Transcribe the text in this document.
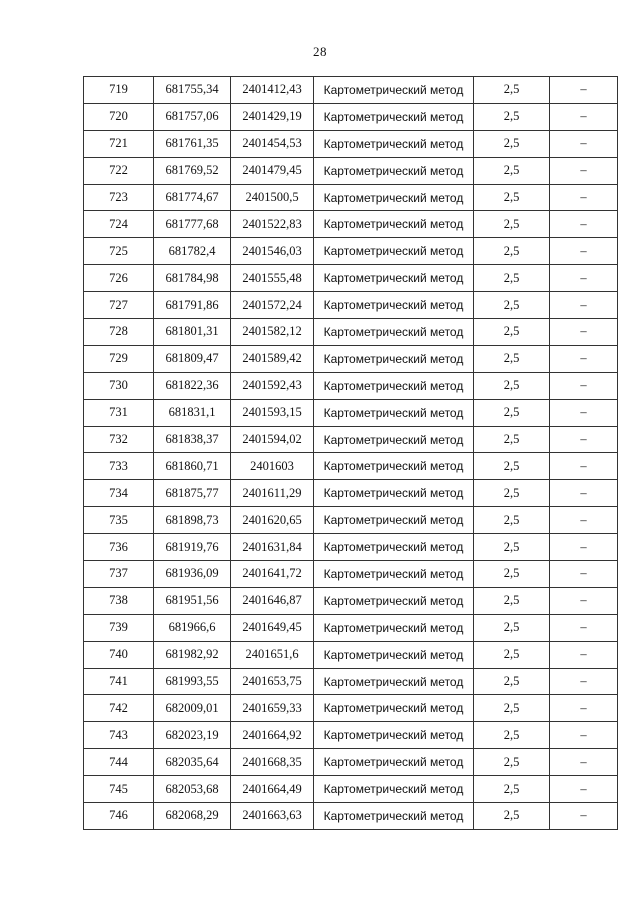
28
719	681755,34	2401412,43	Картометрический метод	2,5	–
720	681757,06	2401429,19	Картометрический метод	2,5	–
721	681761,35	2401454,53	Картометрический метод	2,5	–
722	681769,52	2401479,45	Картометрический метод	2,5	–
723	681774,67	2401500,5	Картометрический метод	2,5	–
724	681777,68	2401522,83	Картометрический метод	2,5	–
725	681782,4	2401546,03	Картометрический метод	2,5	–
726	681784,98	2401555,48	Картометрический метод	2,5	–
727	681791,86	2401572,24	Картометрический метод	2,5	–
728	681801,31	2401582,12	Картометрический метод	2,5	–
729	681809,47	2401589,42	Картометрический метод	2,5	–
730	681822,36	2401592,43	Картометрический метод	2,5	–
731	681831,1	2401593,15	Картометрический метод	2,5	–
732	681838,37	2401594,02	Картометрический метод	2,5	–
733	681860,71	2401603	Картометрический метод	2,5	–
734	681875,77	2401611,29	Картометрический метод	2,5	–
735	681898,73	2401620,65	Картометрический метод	2,5	–
736	681919,76	2401631,84	Картометрический метод	2,5	–
737	681936,09	2401641,72	Картометрический метод	2,5	–
738	681951,56	2401646,87	Картометрический метод	2,5	–
739	681966,6	2401649,45	Картометрический метод	2,5	–
740	681982,92	2401651,6	Картометрический метод	2,5	–
741	681993,55	2401653,75	Картометрический метод	2,5	–
742	682009,01	2401659,33	Картометрический метод	2,5	–
743	682023,19	2401664,92	Картометрический метод	2,5	–
744	682035,64	2401668,35	Картометрический метод	2,5	–
745	682053,68	2401664,49	Картометрический метод	2,5	–
746	682068,29	2401663,63	Картометрический метод	2,5	–
